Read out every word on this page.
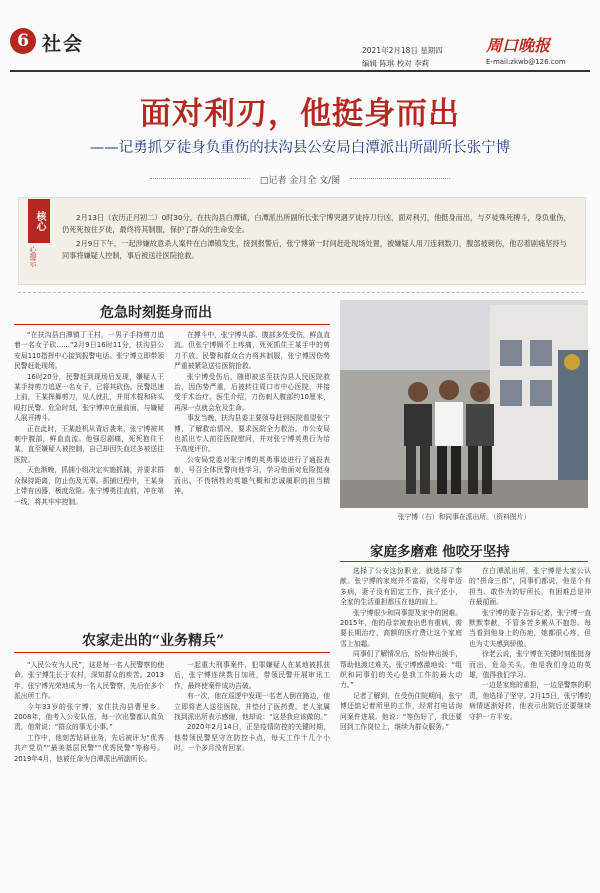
6 社会	2021年2月18日 星期四
编辑 陈琪 校对 李莉
周口晚报
E-mail:zkwb@126.com
面对利刃，他挺身而出
——记勇抓歹徒身负重伤的扶沟县公安局白潭派出所副所长张宁博
□记者 金月全 文/图
核心
心提示

2月13日（农历正月初二）0时30分，在扶沟县白潭镇，白潭派出所副所长张宁博突遇歹徒持刀行凶，面对利刃，他挺身而出，与歹徒殊死搏斗，身负重伤，仍死死按住歹徒，最终将其制服，保护了群众的生命安全。

2月9日下午，一起涉嫌故意杀人案件在白潭镇发生，接到报警后，张宁博第一时间赶赴现场处置，被嫌疑人用刀连刺数刀，腹部被刺伤，他忍着剧痛坚持与同事将嫌疑人控制，事后被送往医院抢救。

危急时刻挺身而出

“在扶沟县白潭镇丁王村，一男子手持剪刀追着一名女子砍……”2月9日16时11分，扶沟县公安局110指挥中心接到报警电话。张宁博立即带领民警赶赴现场。

16时20分，民警赶到现场后发现，嫌疑人王某手持剪刀追逐一名女子，已将其砍伤。民警迅速上前，王某挥舞剪刀，见人就扎，并用木棍和砖头殴打民警。危急时刻，张宁博冲在最前面，与嫌疑人展开搏斗。

正在此时，王某趁机从背后袭来，张宁博被其刺中腹部，鲜血直流。他强忍剧痛，死死抱住王某，直至嫌疑人被控制，自己却因失血过多被送往医院。

天色渐晚，抓捕小组决定实施抓捕，并要求群众保持距离，防止伤及无辜。抓捕过程中，王某身上带有凶器，极度危险。张宁博勇往直前，冲在第一线，将其牢牢控制。

在搏斗中，张宁博头部、腹部多处受伤，鲜血直流。但张宁博顾不上疼痛，死死抓住王某手中的剪刀不放。民警和群众合力将其制服，张宁博因伤势严重被紧急送往医院抢救。

张宁博受伤后，随即被送至扶沟县人民医院救治，因伤势严重，后被转往周口市中心医院，并接受手术治疗。医生介绍，刀伤刺入腹部约10厘米，再深一点就会危及生命。

事发当晚，扶沟县委主要领导赶到医院看望张宁博，了解救治情况，要求医院全力救治。市公安局也派出专人前往医院慰问，并对张宁博英勇行为给予高度评价。

公安局党委对张宁博的英勇事迹进行了通报表彰，号召全体民警向他学习，学习他面对危险挺身而出、不畏牺牲的英雄气概和忠诚履职的担当精神。

张宁博（右）和同事在派出所。（资料图片）
家庭多磨难 他咬牙坚持

选择了公安这份职业，就选择了奉献。张宁博的家庭并不富裕，父母年迈多病，妻子没有固定工作，孩子还小，全家的生活重担都压在他的肩上。

张宁博很少和同事提及家中的困难。2015年，他的母亲被查出患有重病，需要长期治疗，高额的医疗费让这个家庭雪上加霜。

同事们了解情况后，纷纷伸出援手，帮助他渡过难关。张宁博感激地说：“组织和同事们的关心是我工作的最大动力。”

记者了解到，在受伤住院期间，张宁博还惦记着所里的工作，经常打电话询问案件进展。他说：“等伤好了，我还要回到工作岗位上，继续为群众服务。”

在白潭派出所，张宁博是大家公认的“拼命三郎”，同事们都说，他是个有担当、敢作为的好所长，有困难总是冲在最前面。

张宁博的妻子告诉记者，张宁博一直默默奉献，不管多苦多累从不抱怨。每当看到他身上的伤疤，她都很心疼，但也为丈夫感到骄傲。

徐老云说，张宁博在关键时刻能挺身而出，危急关头，他是我们身边的英雄，值得我们学习。

一边是家庭的重担，一边是警察的职责，他选择了坚守。2月15日，张宁博的病情逐渐好转，他表示出院后还要继续守护一方平安。

农家走出的“业务精兵”

“人民公安为人民”，这是每一名人民警察的使命。张宁博生长于农村，深知群众的疾苦。2013年，张宁博光荣地成为一名人民警察，先后在多个派出所工作。

今年33岁的张宁博，家住扶沟县曹里乡。2008年，他考入公安队伍，每一次出警都认真负责，他常说：“群众的事无小事。”

工作中，他刻苦钻研业务，先后被评为“优秀共产党员”“最美基层民警”“优秀民警”等称号。2019年4月，他被任命为白潭派出所副所长。

一起重大刑事案件，犯罪嫌疑人在某地被抓获后，张宁博连续数日加班，带领民警开展审讯工作，最终使案件成功告破。

有一次，他在巡逻中发现一名老人倒在路边，他立即将老人送往医院，并垫付了医药费。老人家属找到派出所表示感谢，他却说：“这是我应该做的。”

2020年2月14日，正是疫情防控的关键时期，他带领民警坚守在防控卡点，每天工作十几个小时，一个多月没有回家。
